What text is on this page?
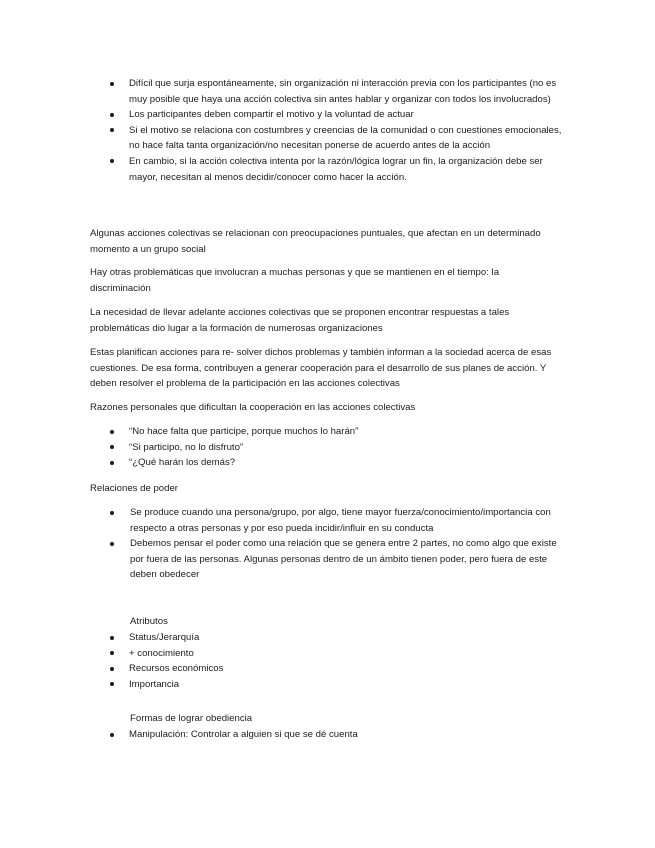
Difícil que surja espontáneamente, sin organización ni interacción previa con los participantes (no es muy posible que haya una acción colectiva sin antes hablar y organizar con todos los involucrados)
Los participantes deben compartir el motivo y la voluntad de actuar
Si el motivo se relaciona con costumbres y creencias de la comunidad o con cuestiones emocionales, no hace falta tanta organización/no necesitan ponerse de acuerdo antes de la acción
En cambio, si la acción colectiva intenta por la razón/lógica lograr un fin, la organización debe ser mayor, necesitan al menos decidir/conocer como hacer la acción.

Algunas acciones colectivas se relacionan con preocupaciones puntuales, que afectan en un determinado momento a un grupo social

Hay otras problemáticas que involucran a muchas personas y que se mantienen en el tiempo: la discriminación

La necesidad de llevar adelante acciones colectivas que se proponen encontrar respuestas a tales problemáticas dio lugar a la formación de numerosas organizaciones

Estas planifican acciones para re- solver dichos problemas y también informan a la sociedad acerca de esas cuestiones. De esa forma, contribuyen a generar cooperación para el desarrollo de sus planes de acción. Y deben resolver el problema de la participación en las acciones colectivas

Razones personales que dificultan la cooperación en las acciones colectivas

“No hace falta que participe, porque muchos lo harán”
“Si participo, no lo disfruto”
“¿Qué harán los demás?

Relaciones de poder

Se produce cuando una persona/grupo, por algo, tiene mayor fuerza/conocimiento/importancia con respecto a otras personas y por eso pueda incidir/influir en su conducta
Debemos pensar el poder como una relación que se genera entre 2 partes, no como algo que existe por fuera de las personas. Algunas personas dentro de un ámbito tienen poder, pero fuera de este deben obedecer

Atributos

Status/Jerarquía
+ conocimiento
Recursos económicos
Importancia

Formas de lograr obediencia

Manipulación: Controlar a alguien si que se dé cuenta
